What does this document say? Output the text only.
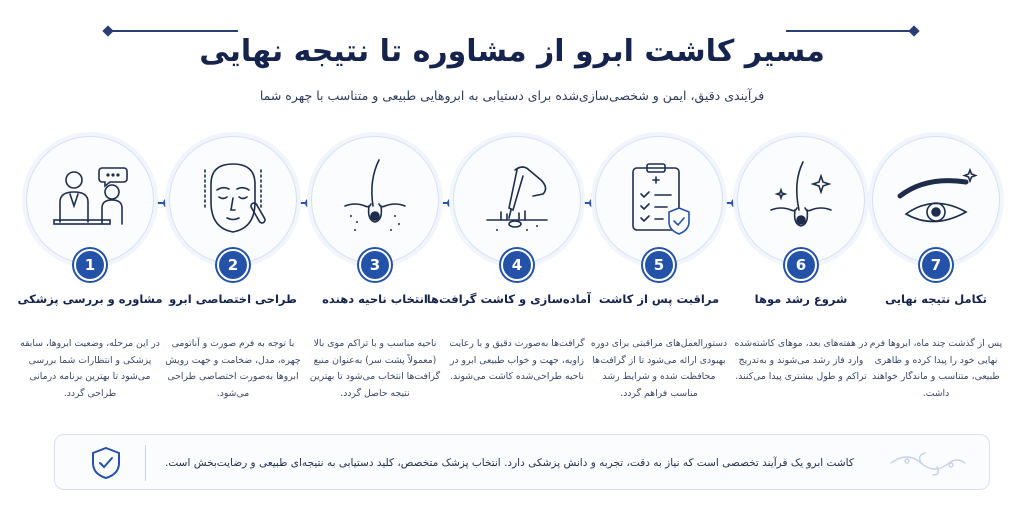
مسیر کاشت ابرو از مشاوره تا نتیجه نهایی
فرآیندی دقیق، ایمن و شخصی‌سازی‌شده برای دستیابی به ابروهایی طبیعی و متناسب با چهره شما
1
مشاوره و بررسی پزشکی
در این مرحله، وضعیت ابروها، سابقه پزشکی و انتظارات شما بررسی می‌شود تا بهترین برنامه درمانی طراحی گردد.
2
طراحی اختصاصی ابرو
با توجه به فرم صورت و آناتومی چهره، مدل، ضخامت و جهت رویش ابروها به‌صورت اختصاصی طراحی می‌شود.
3
انتخاب ناحیه دهنده
ناحیه مناسب و با تراکم موی بالا (معمولاً پشت سر) به‌عنوان منبع گرافت‌ها انتخاب می‌شود تا بهترین نتیجه حاصل گردد.
4
آماده‌سازی و کاشت گرافت‌ها
گرافت‌ها به‌صورت دقیق و با رعایت زاویه، جهت و خواب طبیعی ابرو در ناحیه طراحی‌شده کاشت می‌شوند.
5
مراقبت پس از کاشت
دستورالعمل‌های مراقبتی برای دوره بهبودی ارائه می‌شود تا از گرافت‌ها محافظت شده و شرایط رشد مناسب فراهم گردد.
6
شروع رشد موها
در هفته‌های بعد، موهای کاشته‌شده وارد فاز رشد می‌شوند و به‌تدریج تراکم و طول بیشتری پیدا می‌کنند.
7
تکامل نتیجه نهایی
پس از گذشت چند ماه، ابروها فرم نهایی خود را پیدا کرده و ظاهری طبیعی، متناسب و ماندگار خواهند داشت.
کاشت ابرو یک فرآیند تخصصی است که نیاز به دقت، تجربه و دانش پزشکی دارد. انتخاب پزشک متخصص، کلید دستیابی به نتیجه‌ای طبیعی و رضایت‌بخش است.
